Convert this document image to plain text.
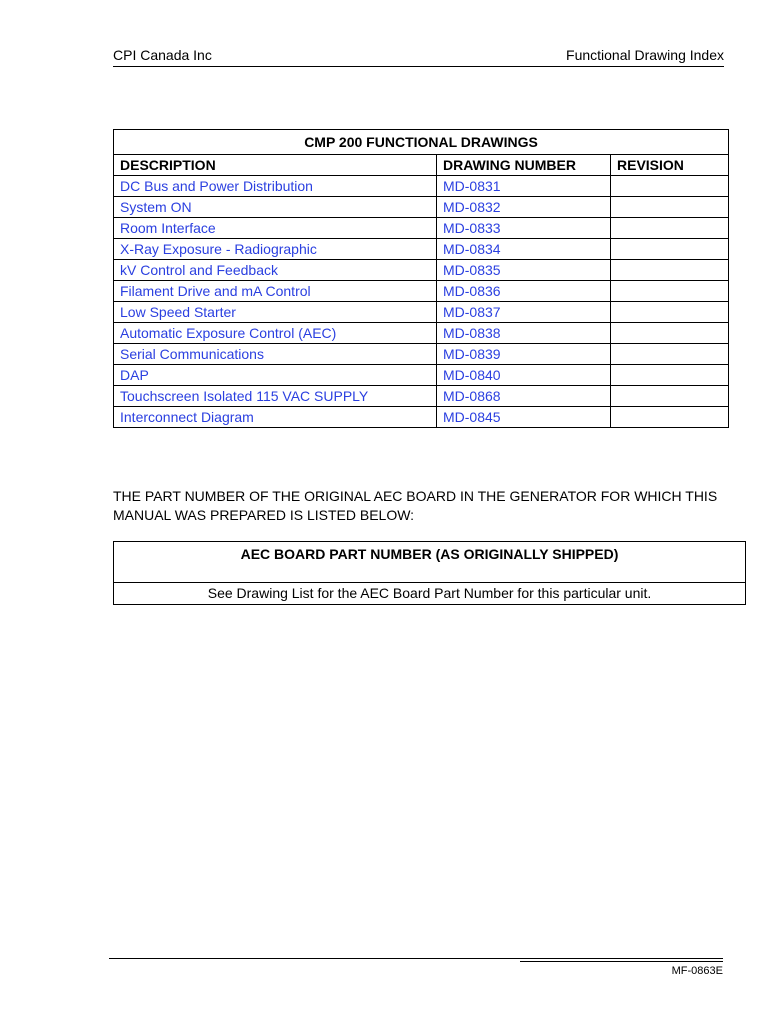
CPI Canada Inc	Functional Drawing Index
CMP 200 FUNCTIONAL DRAWINGS		
DESCRIPTION	DRAWING NUMBER	REVISION
DC Bus and Power Distribution	MD-0831	
System ON	MD-0832	
Room Interface	MD-0833	
X-Ray Exposure - Radiographic	MD-0834	
kV Control and Feedback	MD-0835	
Filament Drive and mA Control	MD-0836	
Low Speed Starter	MD-0837	
Automatic Exposure Control (AEC)	MD-0838	
Serial Communications	MD-0839	
DAP	MD-0840	
Touchscreen Isolated 115 VAC SUPPLY	MD-0868	
Interconnect Diagram	MD-0845	

THE PART NUMBER OF THE ORIGINAL AEC BOARD IN THE GENERATOR FOR WHICH THIS MANUAL WAS PREPARED IS LISTED BELOW:

AEC BOARD PART NUMBER (AS ORIGINALLY SHIPPED)
See Drawing List for the AEC Board Part Number for this particular unit.
MF-0863E
